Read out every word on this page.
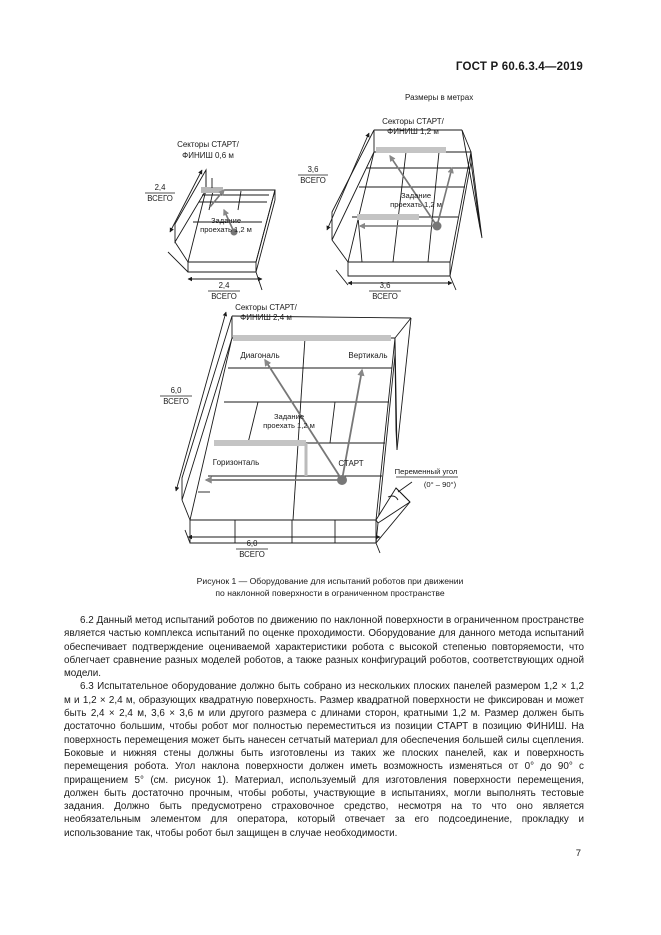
ГОСТ Р 60.6.3.4—2019
Размеры в метрах
Секторы СТАРТ/
ФИНИШ 0,6 м
2,4
ВСЕГО
Задание
проехать 1,2 м
2,4
ВСЕГО
Секторы СТАРТ/
ФИНИШ 1,2 м
3,6
ВСЕГО
Задание
проехать 1,2 м
3,6
ВСЕГО
Секторы СТАРТ/
ФИНИШ 2,4 м
Диагональ	Вертикаль
Горизонталь	СТАРТ
Задание
проехать 1,2 м
6,0
ВСЕГО
6,0
ВСЕГО
Переменный угол
(0° – 90°)
Рисунок 1 — Оборудование для испытаний роботов при движении
по наклонной поверхности в ограниченном пространстве

6.2 Данный метод испытаний роботов по движению по наклонной поверхности в ограниченном пространстве является частью комплекса испытаний по оценке проходимости. Оборудование для данного метода испытаний обеспечивает подтверждение оцениваемой характеристики робота с высокой степенью повторяемости, что облегчает сравнение разных моделей роботов, а также разных конфигураций роботов, соответствующих одной модели.

6.3 Испытательное оборудование должно быть собрано из нескольких плоских панелей размером 1,2 × 1,2 м и 1,2 × 2,4 м, образующих квадратную поверхность. Размер квадратной поверхности не фиксирован и может быть 2,4 × 2,4 м, 3,6 × 3,6 м или другого размера с длинами сторон, кратными 1,2 м. Размер должен быть достаточно большим, чтобы робот мог полностью переместиться из позиции СТАРТ в позицию ФИНИШ. На поверхность перемещения может быть нанесен сетчатый материал для обеспечения большей силы сцепления. Боковые и нижняя стены должны быть изготовлены из таких же плоских панелей, как и поверхность перемещения робота. Угол наклона поверхности должен иметь возможность изменяться от 0° до 90° с приращением 5° (см. рисунок 1). Материал, используемый для изготовления поверхности перемещения, должен быть достаточно прочным, чтобы роботы, участвующие в испытаниях, могли выполнять тестовые задания. Должно быть предусмотрено страховочное средство, несмотря на то что оно является необязательным элементом для оператора, который отвечает за его подсоединение, прокладку и использование так, чтобы робот был защищен в случае необходимости.

7
